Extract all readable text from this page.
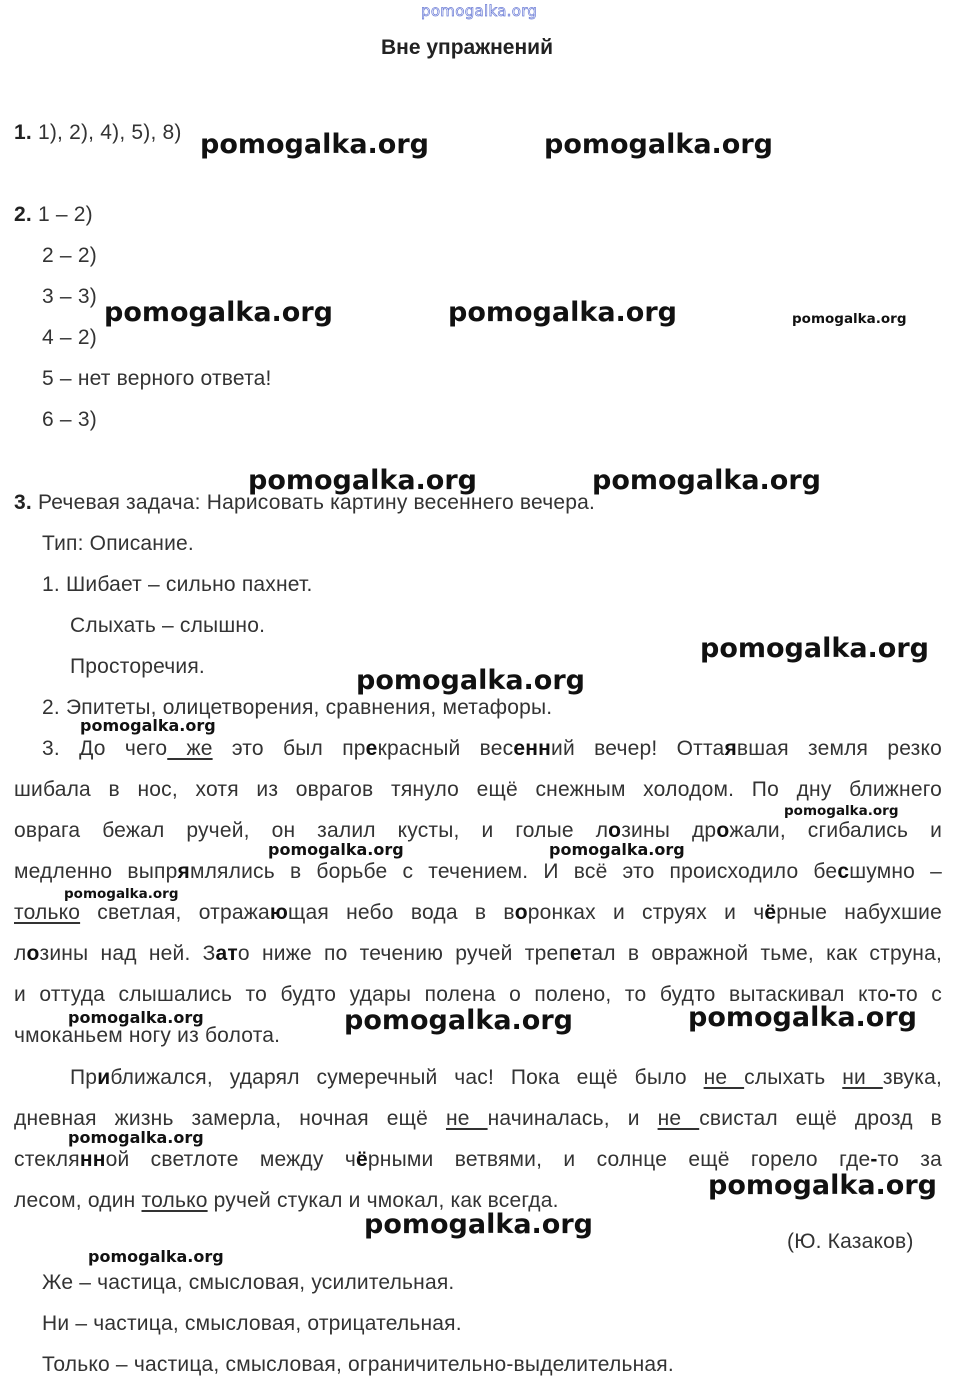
pomogalka.org
Вне упражнений
1. 1), 2), 4), 5), 8)
2. 1 – 2)
2 – 2)
3 – 3)
4 – 2)
5 – нет верного ответа!
6 – 3)
3. Речевая задача: Нарисовать картину весеннего вечера.
Тип: Описание.
1. Шибает – сильно пахнет.
Слыхать – слышно.
Просторечия.
2. Эпитеты, олицетворения, сравнения, метафоры.
3. До чего же это был прекрасный весенний вечер! Оттаявшая земля резко
шибала в нос, хотя из оврагов тянуло ещё снежным холодом. По дну ближнего
оврага бежал ручей, он залил кусты, и голые лозины дрожали, сгибались и
медленно выпрямлялись в борьбе с течением. И всё это происходило бесшумно –
только светлая, отражающая небо вода в воронках и струях и чёрные набухшие
лозины над ней. Зато ниже по течению ручей трепетал в овражной тьме, как струна,
и оттуда слышались то будто удары полена о полено, то будто вытаскивал кто-то с
чмоканьем ногу из болота.
Приближался, ударял сумеречный час! Пока ещё было не слыхать ни звука,
дневная жизнь замерла, ночная ещё не начиналась, и не свистал ещё дрозд в
стеклянной светлоте между чёрными ветвями, и солнце ещё горело где-то за
лесом, один только ручей стукал и чмокал, как всегда.
(Ю. Казаков)
Же – частица, смысловая, усилительная.
Ни – частица, смысловая, отрицательная.
Только – частица, смысловая, ограничительно-выделительная.
pomogalka.org	pomogalka.org
pomogalka.org	pomogalka.org	pomogalka.org
pomogalka.org	pomogalka.org
pomogalka.org
pomogalka.org
pomogalka.org
pomogalka.org
pomogalka.org	pomogalka.org
pomogalka.org
pomogalka.org	pomogalka.org	pomogalka.org
pomogalka.org
pomogalka.org
pomogalka.org
pomogalka.org
